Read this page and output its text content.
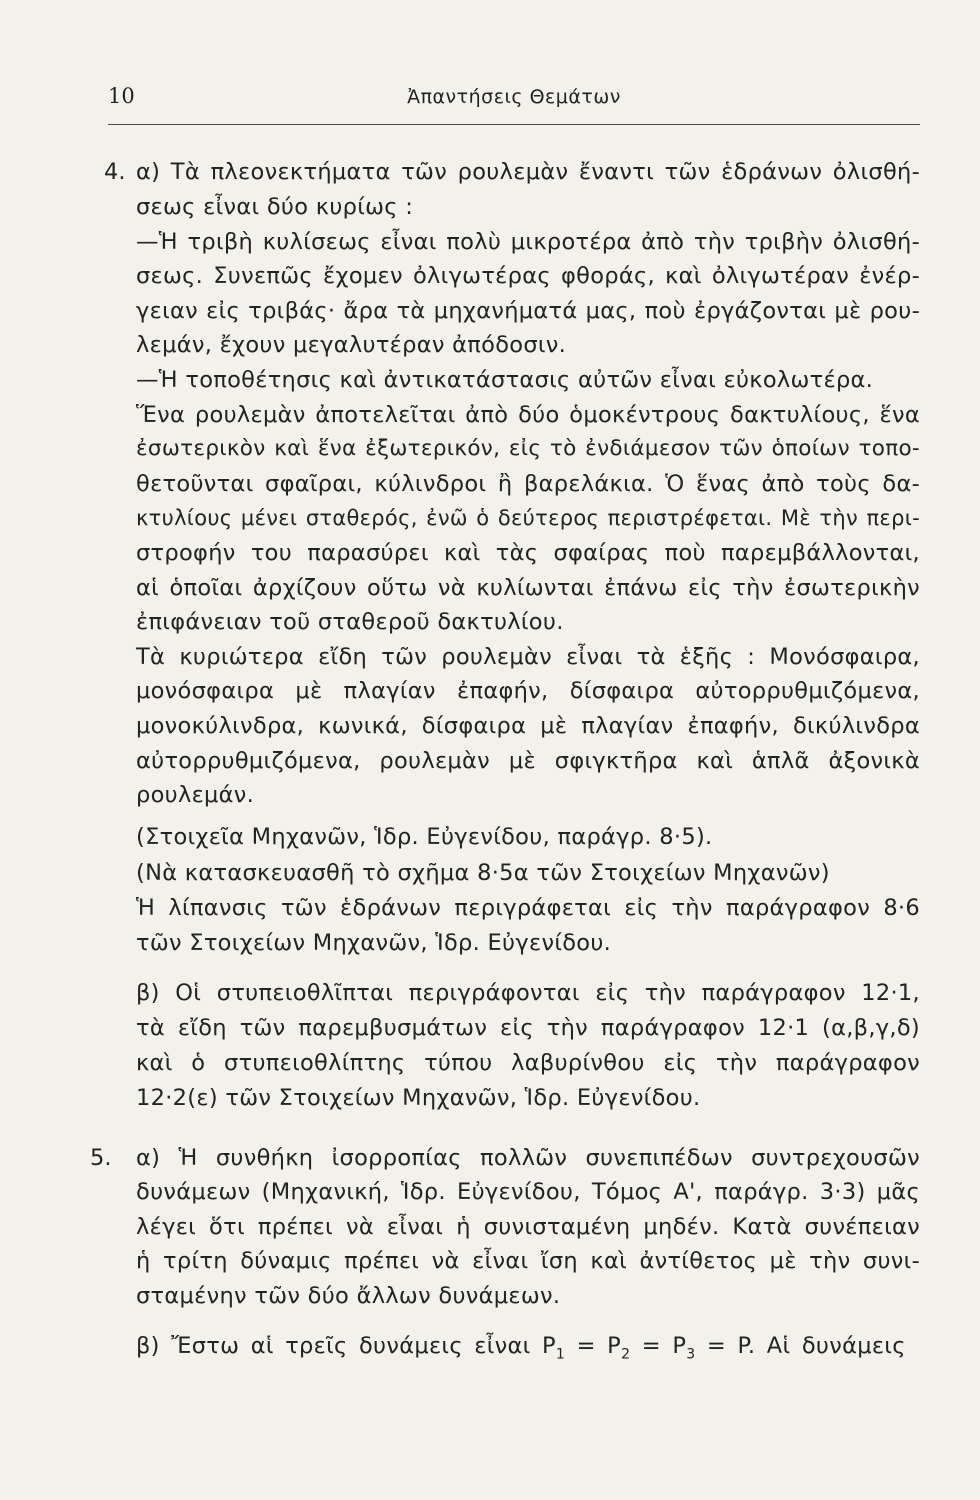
10	Ἀπαντήσεις Θεμάτων
4. α) Τὰ πλεονεκτήματα τῶν ρουλεμὰν ἔναντι τῶν ἑδράνων ὀλισθή-
σεως εἶναι δύο κυρίως :
—Ἡ τριβὴ κυλίσεως εἶναι πολὺ μικροτέρα ἀπὸ τὴν τριβὴν ὀλισθή-
σεως. Συνεπῶς ἔχομεν ὀλιγωτέρας φθοράς, καὶ ὀλιγωτέραν ἐνέρ-
γειαν εἰς τριβάς· ἄρα τὰ μηχανήματά μας, ποὺ ἐργάζονται μὲ ρου-
λεμάν, ἔχουν μεγαλυτέραν ἀπόδοσιν.
—Ἡ τοποθέτησις καὶ ἀντικατάστασις αὐτῶν εἶναι εὐκολωτέρα.
Ἕνα ρουλεμὰν ἀποτελεῖται ἀπὸ δύο ὁμοκέντρους δακτυλίους, ἕνα
ἐσωτερικὸν καὶ ἕνα ἐξωτερικόν, εἰς τὸ ἐνδιάμεσον τῶν ὁποίων τοπο-
θετοῦνται σφαῖραι, κύλινδροι ἢ βαρελάκια. Ὁ ἕνας ἀπὸ τοὺς δα-
κτυλίους μένει σταθερός, ἐνῶ ὁ δεύτερος περιστρέφεται. Μὲ τὴν περι-
στροφήν του παρασύρει καὶ τὰς σφαίρας ποὺ παρεμβάλλονται,
αἱ ὁποῖαι ἀρχίζουν οὕτω νὰ κυλίωνται ἐπάνω εἰς τὴν ἐσωτερικὴν
ἐπιφάνειαν τοῦ σταθεροῦ δακτυλίου.
Τὰ κυριώτερα εἴδη τῶν ρουλεμὰν εἶναι τὰ ἑξῆς : Μονόσφαιρα,
μονόσφαιρα μὲ πλαγίαν ἐπαφήν, δίσφαιρα αὐτορρυθμιζόμενα,
μονοκύλινδρα, κωνικά, δίσφαιρα μὲ πλαγίαν ἐπαφήν, δικύλινδρα
αὐτορρυθμιζόμενα, ρουλεμὰν μὲ σφιγκτῆρα καὶ ἁπλᾶ ἀξονικὰ
ρουλεμάν.
(Στοιχεῖα Μηχανῶν, Ἱδρ. Εὐγενίδου, παράγρ. 8·5).
(Νὰ κατασκευασθῆ τὸ σχῆμα 8·5α τῶν Στοιχείων Μηχανῶν)
Ἡ λίπανσις τῶν ἑδράνων περιγράφεται εἰς τὴν παράγραφον 8·6
τῶν Στοιχείων Μηχανῶν, Ἱδρ. Εὐγενίδου.
β) Οἱ στυπειοθλῖπται περιγράφονται εἰς τὴν παράγραφον 12·1,
τὰ εἴδη τῶν παρεμβυσμάτων εἰς τὴν παράγραφον 12·1 (α,β,γ,δ)
καὶ ὁ στυπειοθλίπτης τύπου λαβυρίνθου εἰς τὴν παράγραφον
12·2(ε) τῶν Στοιχείων Μηχανῶν, Ἱδρ. Εὐγενίδου.
5. α) Ἡ συνθήκη ἰσορροπίας πολλῶν συνεπιπέδων συντρεχουσῶν
δυνάμεων (Μηχανική, Ἱδρ. Εὐγενίδου, Τόμος Α', παράγρ. 3·3) μᾶς
λέγει ὅτι πρέπει νὰ εἶναι ἡ συνισταμένη μηδέν. Κατὰ συνέπειαν
ἡ τρίτη δύναμις πρέπει νὰ εἶναι ἴση καὶ ἀντίθετος μὲ τὴν συνι-
σταμένην τῶν δύο ἄλλων δυνάμεων.
β) Ἔστω αἱ τρεῖς δυνάμεις εἶναι $P_1 = P_2 = P_3 = P$. Αἱ δυνάμεις
